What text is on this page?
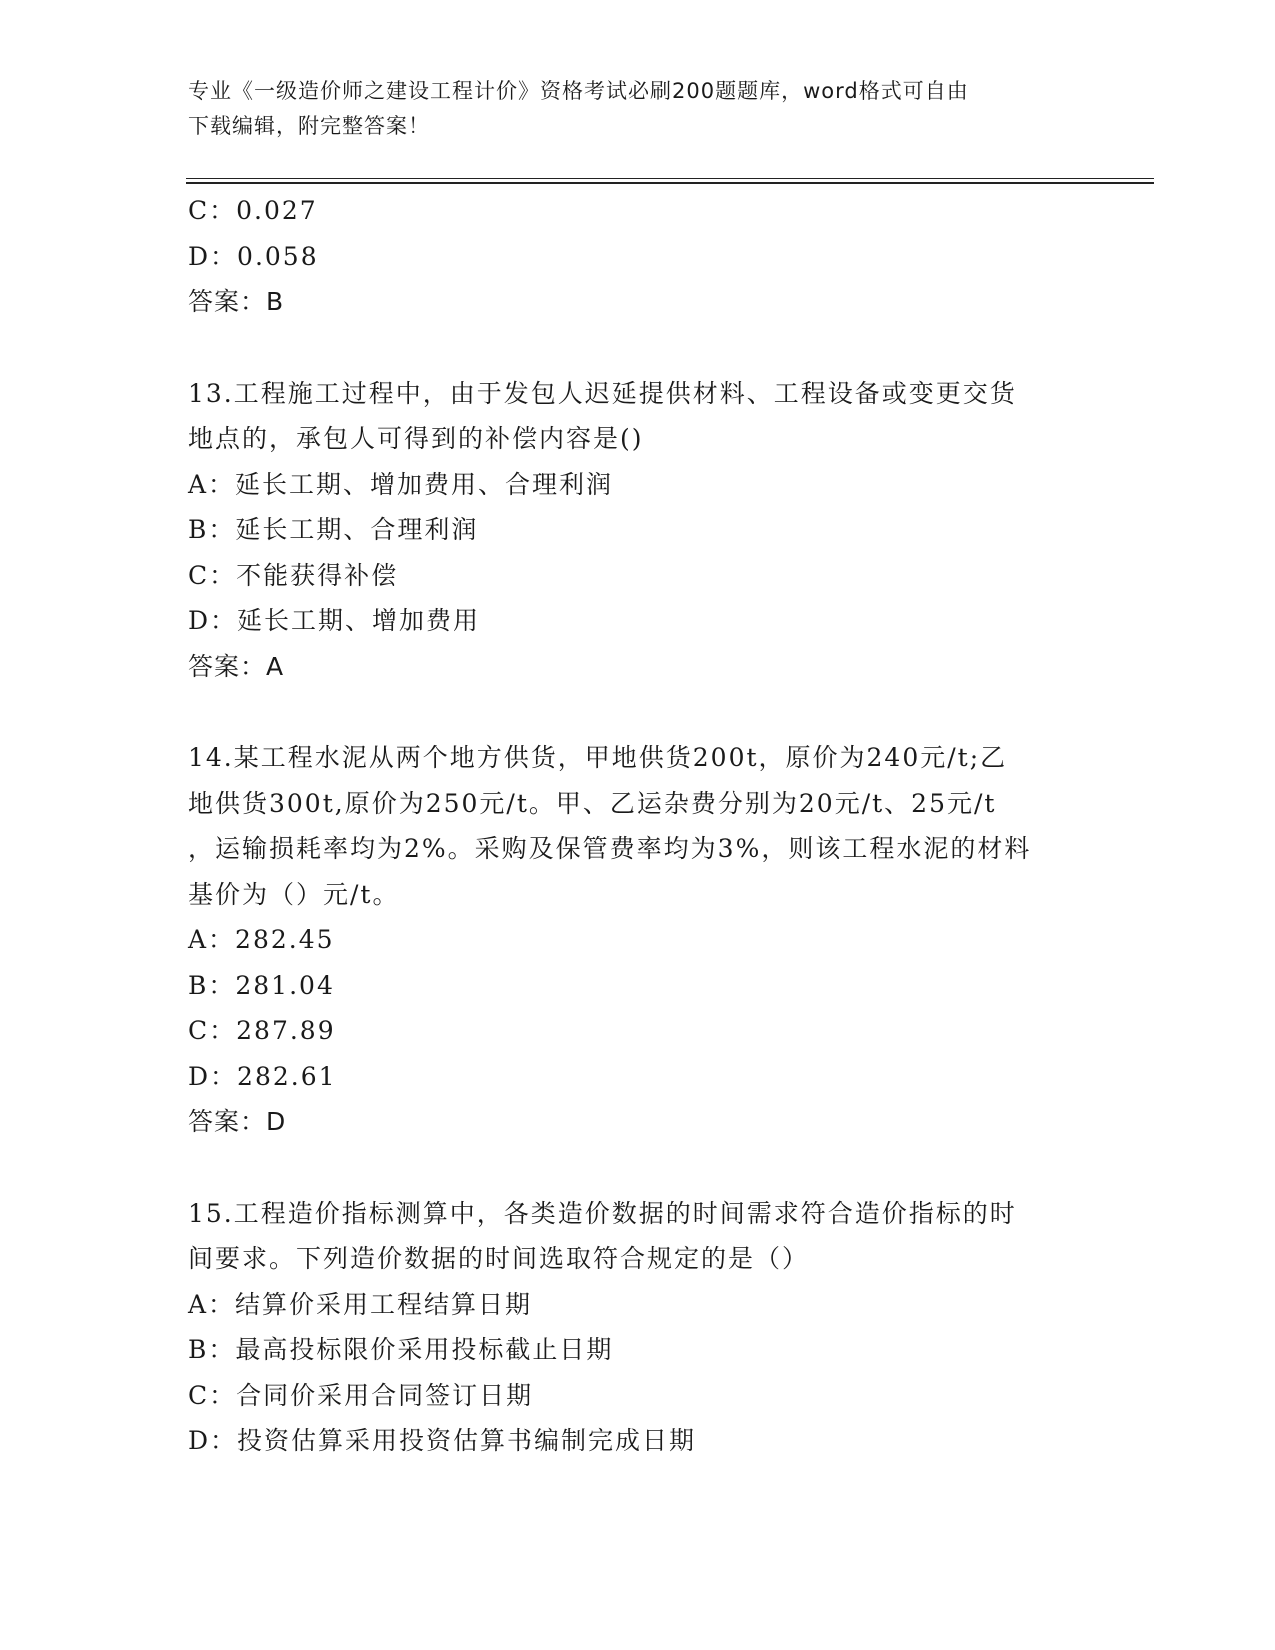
专业《一级造价师之建设工程计价》资格考试必刷200题题库，word格式可自由
下载编辑，附完整答案！

C：0.027

D：0.058

答案：B

13.工程施工过程中，由于发包人迟延提供材料、工程设备或变更交货

地点的，承包人可得到的补偿内容是()

A：延长工期、增加费用、合理利润

B：延长工期、合理利润

C：不能获得补偿

D：延长工期、增加费用

答案：A

14.某工程水泥从两个地方供货，甲地供货200t，原价为240元/t;乙

地供货300t,原价为250元/t。甲、乙运杂费分别为20元/t、25元/t

，运输损耗率均为2%。采购及保管费率均为3%，则该工程水泥的材料

基价为（）元/t。

A：282.45

B：281.04

C：287.89

D：282.61

答案：D

15.工程造价指标测算中，各类造价数据的时间需求符合造价指标的时

间要求。下列造价数据的时间选取符合规定的是（）

A：结算价采用工程结算日期

B：最高投标限价采用投标截止日期

C：合同价采用合同签订日期

D：投资估算采用投资估算书编制完成日期
